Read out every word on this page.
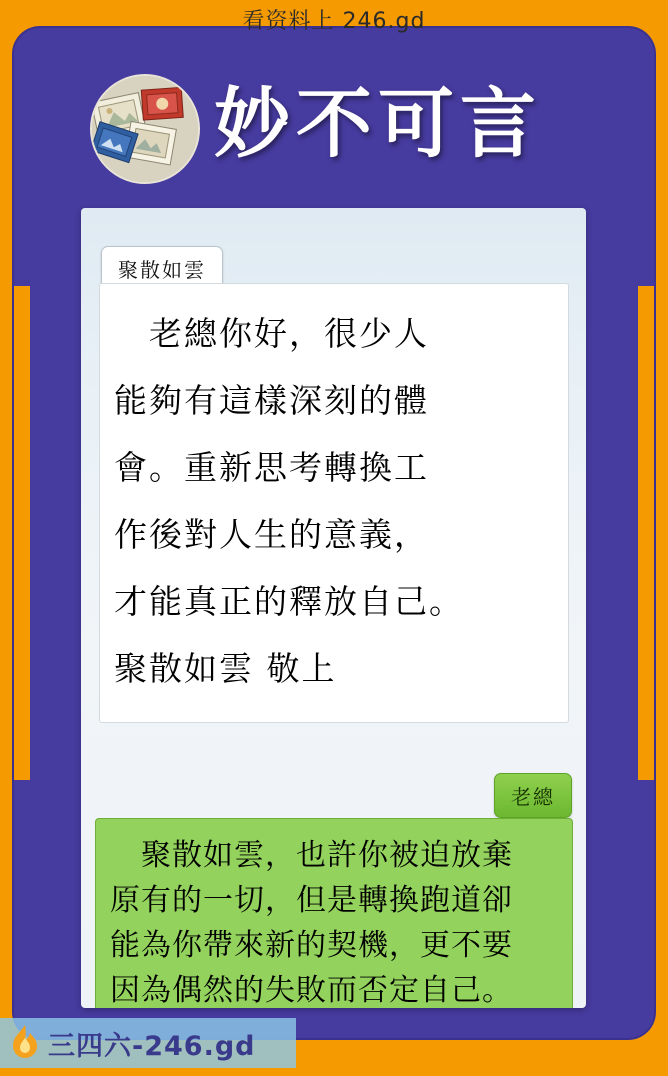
看资料上 246.gd
妙不可言
聚散如雲
　老總你好，很少人
能夠有這樣深刻的體
會。重新思考轉換工
作後對人生的意義，
才能真正的釋放自己。
聚散如雲 敬上
老總
　聚散如雲，也許你被迫放棄
原有的一切，但是轉換跑道卻
能為你帶來新的契機，更不要
因為偶然的失敗而否定自己。
三四六-246.gd
